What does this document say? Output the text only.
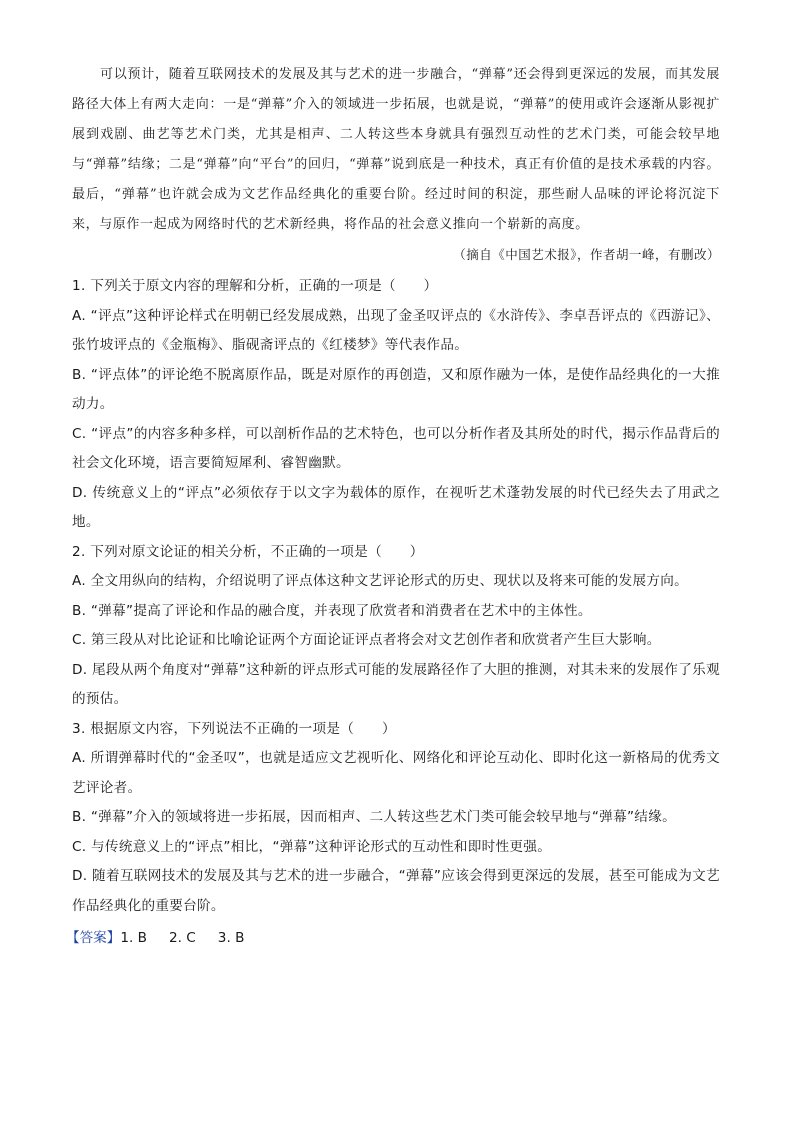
可以预计，随着互联网技术的发展及其与艺术的进一步融合，“弹幕”还会得到更深远的发展，而其发展路径大体上有两大走向：一是“弹幕”介入的领域进一步拓展，也就是说，“弹幕”的使用或许会逐渐从影视扩展到戏剧、曲艺等艺术门类，尤其是相声、二人转这些本身就具有强烈互动性的艺术门类，可能会较早地与“弹幕”结缘；二是“弹幕”向“平台”的回归，“弹幕”说到底是一种技术，真正有价值的是技术承载的内容。最后，“弹幕”也许就会成为文艺作品经典化的重要台阶。经过时间的积淀，那些耐人品味的评论将沉淀下来，与原作一起成为网络时代的艺术新经典，将作品的社会意义推向一个崭新的高度。

（摘自《中国艺术报》，作者胡一峰，有删改）

1. 下列关于原文内容的理解和分析，正确的一项是（　　）

A. “评点”这种评论样式在明朝已经发展成熟，出现了金圣叹评点的《水浒传》、李卓吾评点的《西游记》、张竹坡评点的《金瓶梅》、脂砚斋评点的《红楼梦》等代表作品。

B. “评点体”的评论绝不脱离原作品，既是对原作的再创造，又和原作融为一体，是使作品经典化的一大推动力。

C. “评点”的内容多种多样，可以剖析作品的艺术特色，也可以分析作者及其所处的时代，揭示作品背后的社会文化环境，语言要简短犀利、睿智幽默。

D. 传统意义上的“评点”必须依存于以文字为载体的原作，在视听艺术蓬勃发展的时代已经失去了用武之地。

2. 下列对原文论证的相关分析，不正确的一项是（　　）

A. 全文用纵向的结构，介绍说明了评点体这种文艺评论形式的历史、现状以及将来可能的发展方向。

B. “弹幕”提高了评论和作品的融合度，并表现了欣赏者和消费者在艺术中的主体性。

C. 第三段从对比论证和比喻论证两个方面论证评点者将会对文艺创作者和欣赏者产生巨大影响。

D. 尾段从两个角度对“弹幕”这种新的评点形式可能的发展路径作了大胆的推测，对其未来的发展作了乐观的预估。

3. 根据原文内容，下列说法不正确的一项是（　　）

A. 所谓弹幕时代的“金圣叹”，也就是适应文艺视听化、网络化和评论互动化、即时化这一新格局的优秀文艺评论者。

B. “弹幕”介入的领域将进一步拓展，因而相声、二人转这些艺术门类可能会较早地与“弹幕”结缘。

C. 与传统意义上的“评点”相比，“弹幕”这种评论形式的互动性和即时性更强。

D. 随着互联网技术的发展及其与艺术的进一步融合，“弹幕”应该会得到更深远的发展，甚至可能成为文艺作品经典化的重要台阶。

【答案】1. B 2. C 3. B
